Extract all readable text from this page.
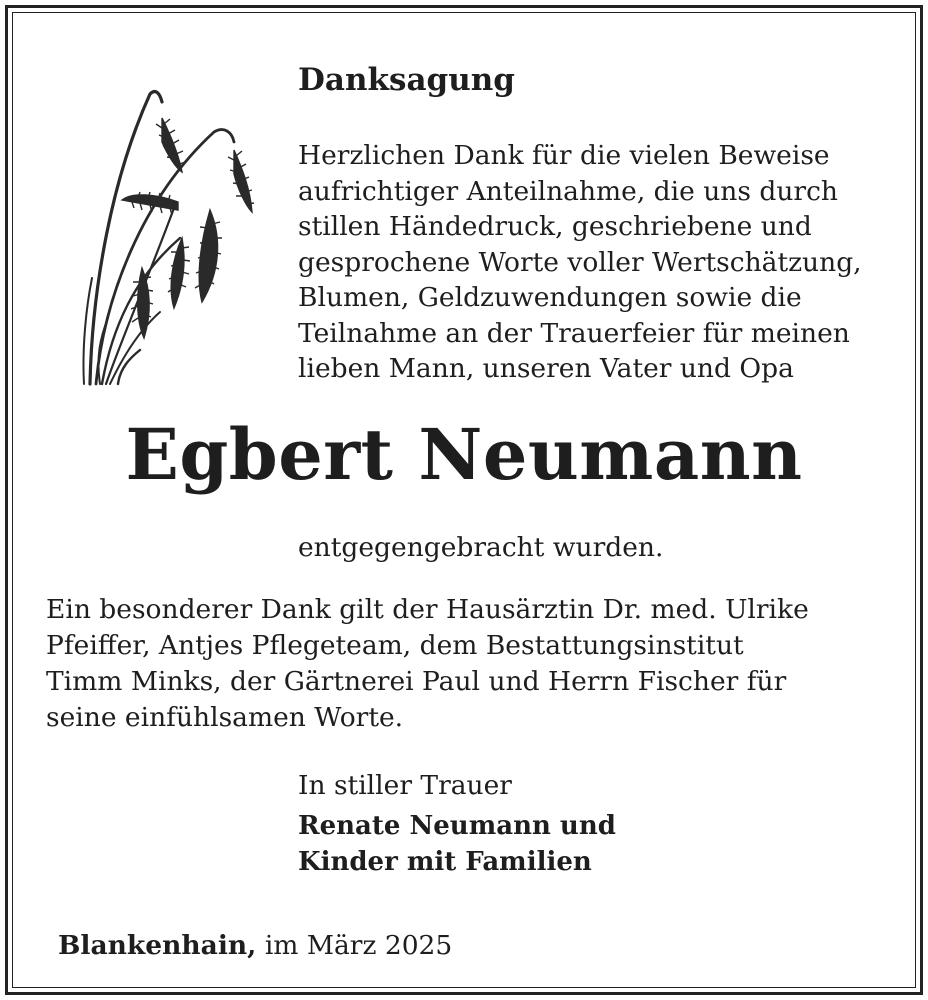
Danksagung

Herzlichen Dank für die vielen Beweise
aufrichtiger Anteilnahme, die uns durch
stillen Händedruck, geschriebene und
gesprochene Worte voller Wertschätzung,
Blumen, Geldzuwendungen sowie die
Teilnahme an der Trauerfeier für meinen
lieben Mann, unseren Vater und Opa

Egbert Neumann

entgegengebracht wurden.

Ein besonderer Dank gilt der Hausärztin Dr. med. Ulrike
Pfeiffer, Antjes Pflegeteam, dem Bestattungsinstitut
Timm Minks, der Gärtnerei Paul und Herrn Fischer für
seine einfühlsamen Worte.

In stiller Trauer

Renate Neumann und
Kinder mit Familien

Blankenhain, im März 2025
